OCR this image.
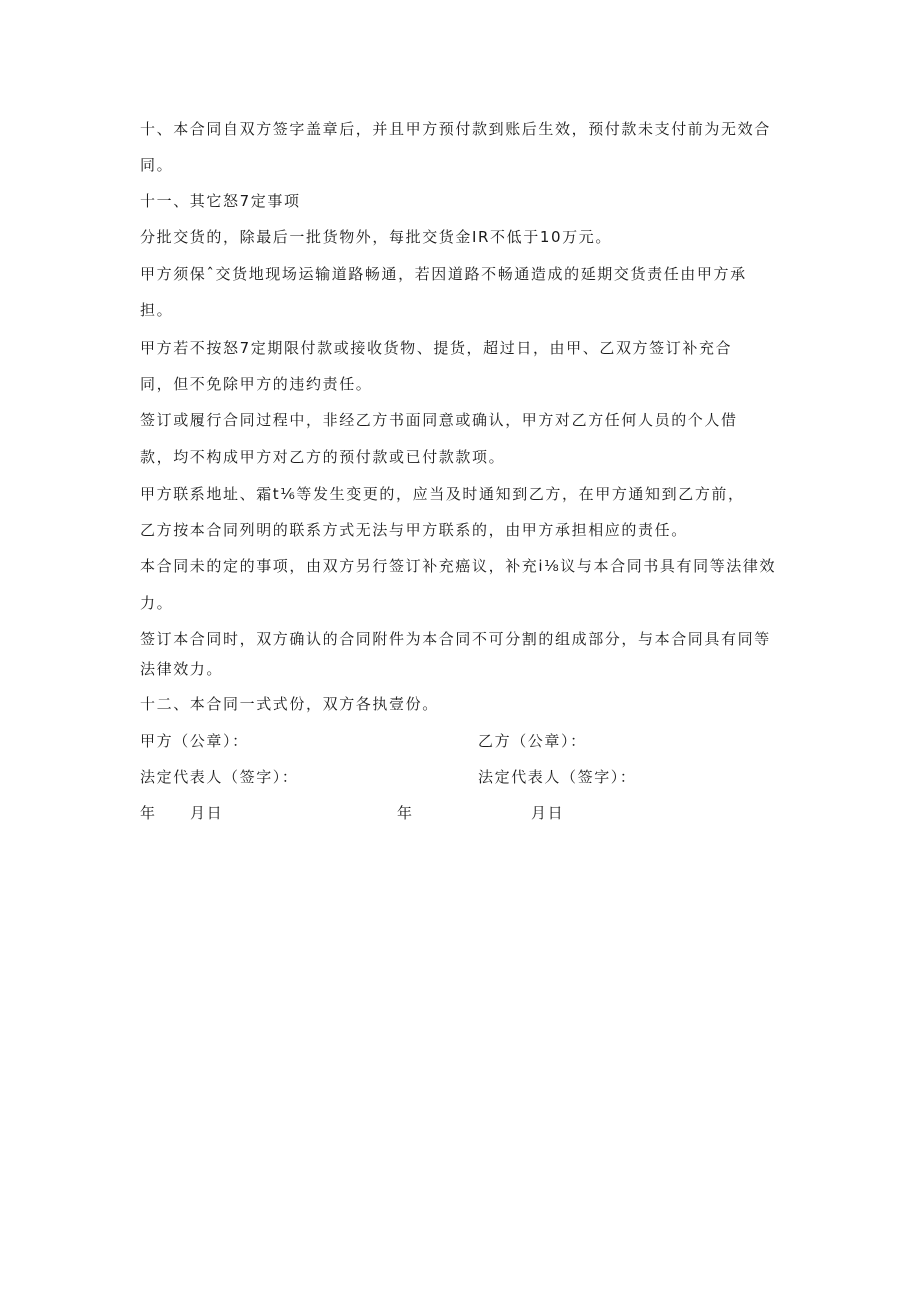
十、本合同自双方签字盖章后，并且甲方预付款到账后生效，预付款未支付前为无效合
同。
十一、其它怒7定事项
分批交货的，除最后一批货物外，每批交货金IR不低于10万元。
甲方须保ˆ交货地现场运输道路畅通，若因道路不畅通造成的延期交货责任由甲方承
担。
甲方若不按怒7定期限付款或接收货物、提货，超过日，由甲、乙双方签订补充合
同，但不免除甲方的违约责任。
签订或履行合同过程中，非经乙方书面同意或确认，甲方对乙方任何人员的个人借
款，均不构成甲方对乙方的预付款或已付款款项。
甲方联系地址、霜t⅙等发生变更的，应当及时通知到乙方，在甲方通知到乙方前，
乙方按本合同列明的联系方式无法与甲方联系的，由甲方承担相应的责任。
本合同未的定的事项，由双方另行签订补充癌议，补充i⅛议与本合同书具有同等法律效
力。
签订本合同时，双方确认的合同附件为本合同不可分割的组成部分，与本合同具有同等
法律效力。
十二、本合同一式式份，双方各执壹份。
甲方（公章）：	乙方（公章）：
法定代表人（签字）：	法定代表人（签字）：
年 月日	年	月日
